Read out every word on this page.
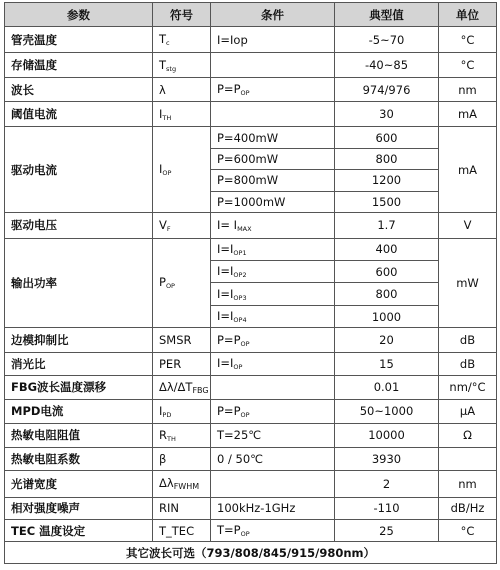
参数	符号	条件	典型值	单位
管壳温度	$T_c$	I=Iop	-5~70	°C
存储温度	$T_{stg}$		-40~85	°C
波长	λ	$P=P_{OP}$	974/976	nm
阈值电流	$I_{TH}$		30	mA
驱动电流	$I_{OP}$	P=400mW	600	mA
		P=600mW	800	
		P=800mW	1200	
		P=1000mW	1500	
驱动电压	$V_F$	$I= I_{MAX}$	1.7	V
输出功率	$P_{OP}$	$I=I_{OP1}$	400	mW
		$I=I_{OP2}$	600	
		$I=I_{OP3}$	800	
		$I=I_{OP4}$	1000	
边模抑制比	SMSR	$P=P_{OP}$	20	dB
消光比	PER	$I=I_{OP}$	15	dB
FBG波长温度漂移	$\Delta\lambda/\Delta T_{FBG}$		0.01	nm/°C
MPD电流	$I_{PD}$	$P=P_{OP}$	50~1000	μA
热敏电阻阻值	$R_{TH}$	T=25℃	10000	Ω
热敏电阻系数	β	0 / 50℃	3930	
光谱宽度	$\Delta\lambda_{FWHM}$		2	nm
相对强度噪声	RIN	100kHz-1GHz	-110	dB/Hz
TEC 温度设定	T_TEC	$T=P_{OP}$	25	°C
其它波长可选（793/808/845/915/980nm）				
